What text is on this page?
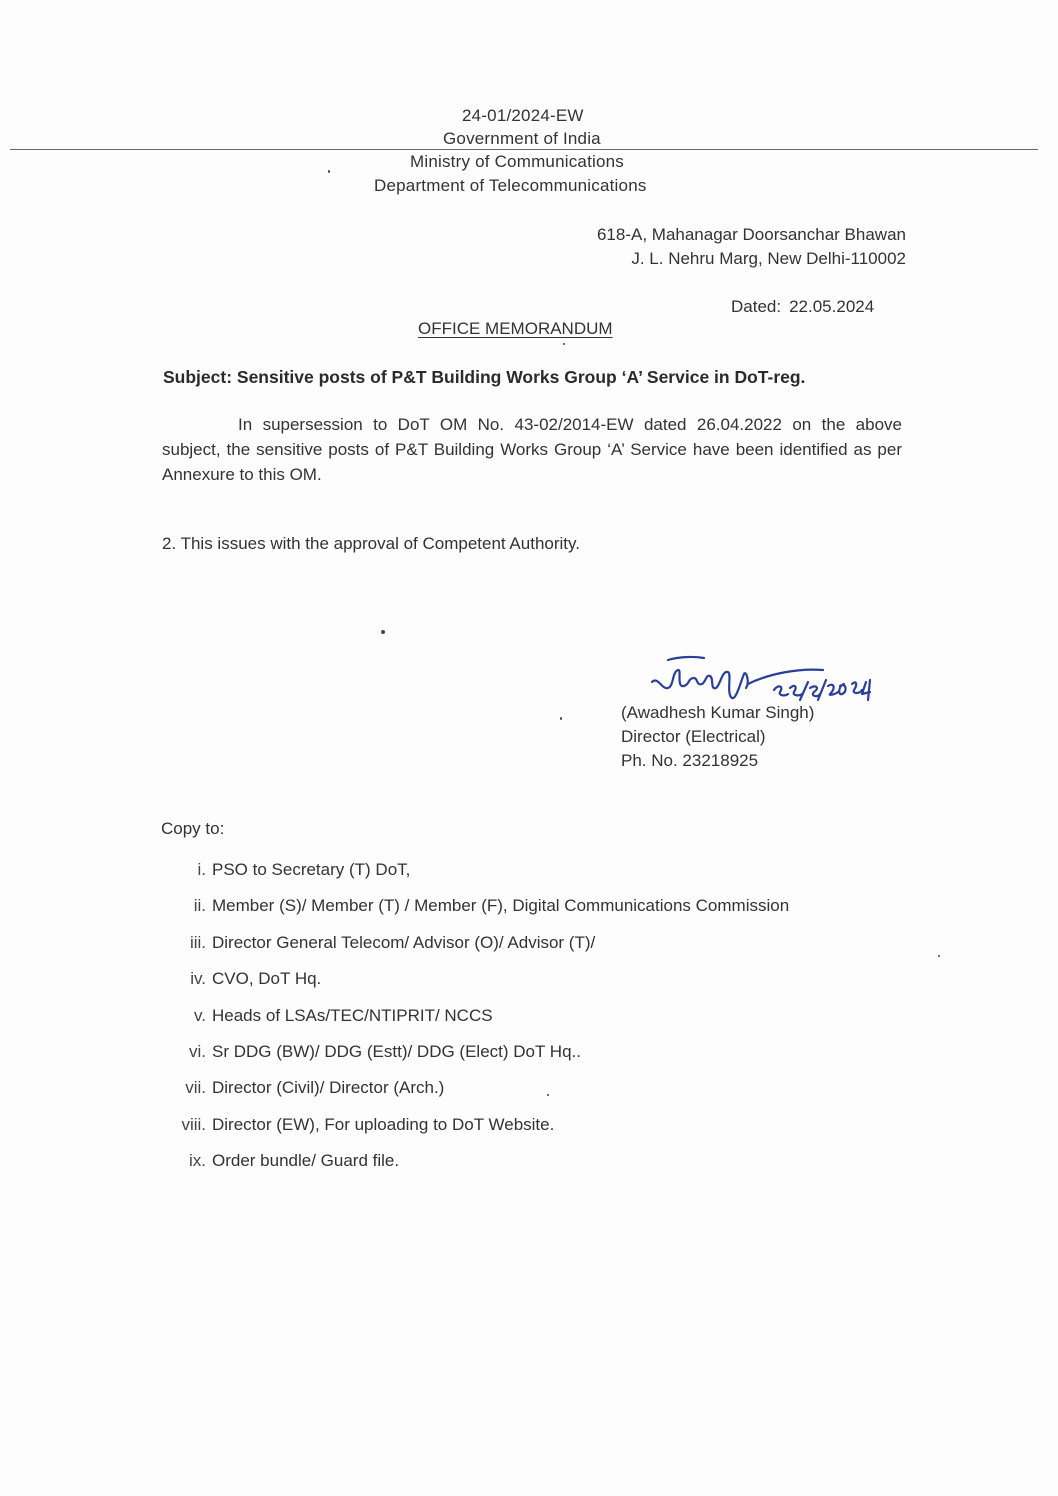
24-01/2024-EW
Government of India
Ministry of Communications
Department of Telecommunications
618-A, Mahanagar Doorsanchar Bhawan
J. L. Nehru Marg, New Delhi-110002
Dated: 22.05.2024
OFFICE MEMORANDUM
Subject: Sensitive posts of P&T Building Works Group ‘A’ Service in DoT-reg.
In supersession to DoT OM No. 43-02/2014-EW dated 26.04.2022 on the above subject, the sensitive posts of P&T Building Works Group ‘A’ Service have been identified as per Annexure to this OM.
2. This issues with the approval of Competent Authority.
(Awadhesh Kumar Singh)
Director (Electrical)
Ph. No. 23218925
Copy to:
i. PSO to Secretary (T) DoT,
ii. Member (S)/ Member (T) / Member (F), Digital Communications Commission
iii. Director General Telecom/ Advisor (O)/ Advisor (T)/
iv. CVO, DoT Hq.
v. Heads of LSAs/TEC/NTIPRIT/ NCCS
vi. Sr DDG (BW)/ DDG (Estt)/ DDG (Elect) DoT Hq..
vii. Director (Civil)/ Director (Arch.)
viii. Director (EW), For uploading to DoT Website.
ix. Order bundle/ Guard file.
